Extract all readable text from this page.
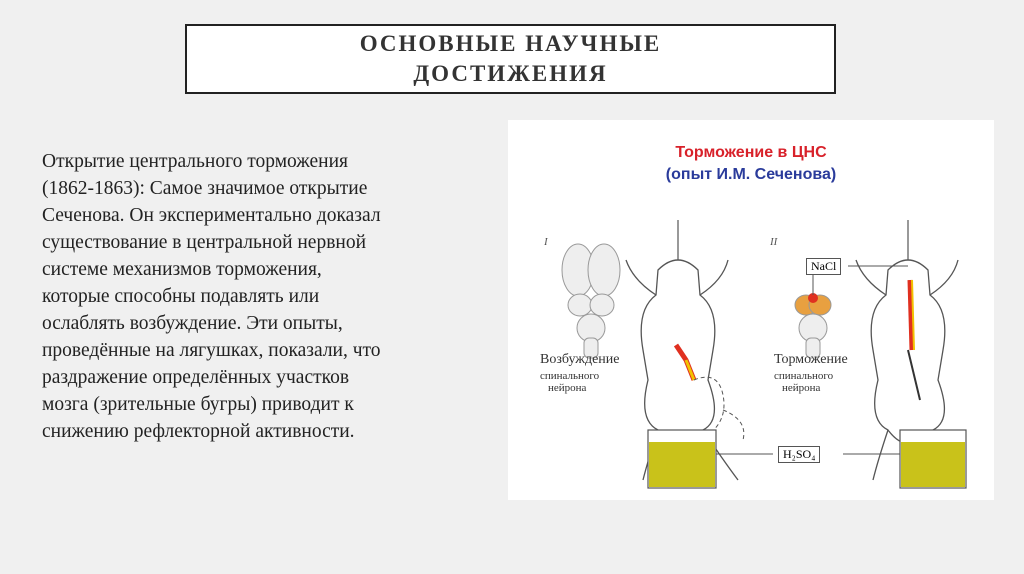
ОСНОВНЫЕ НАУЧНЫЕ
ДОСТИЖЕНИЯ
Открытие центрального торможения
(1862-1863): Самое значимое открытие
Сеченова. Он экспериментально доказал
существование в центральной нервной
системе механизмов торможения,
которые способны подавлять или
ослаблять возбуждение. Эти опыты,
проведённые на лягушках, показали, что
раздражение определённых участков
мозга (зрительные бугры) приводит к
снижению рефлекторной активности.
Торможение в ЦНС
(опыт И.М. Сеченова)
I	II
Возбуждение
спинального
нейрона
Торможение
спинального
нейрона
NaCl
H₂SO₄
